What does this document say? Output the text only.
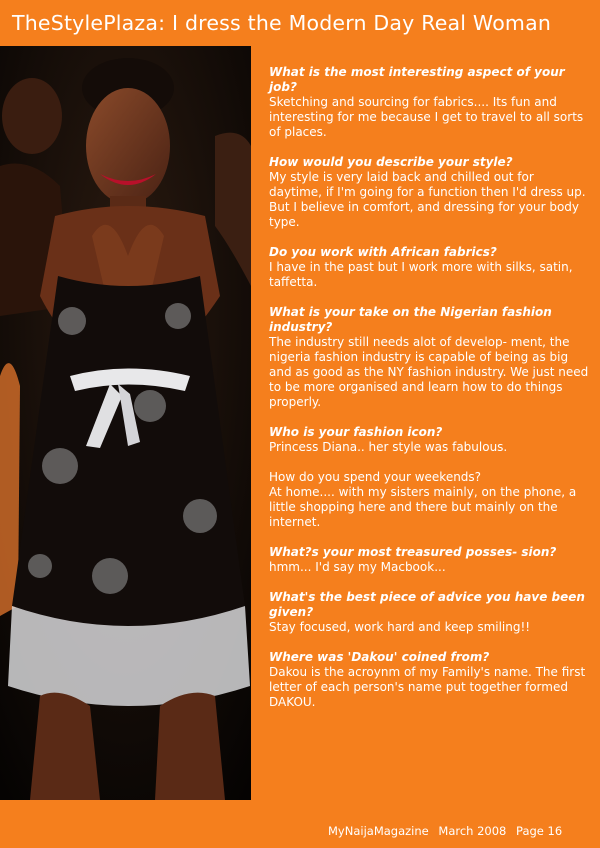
TheStylePlaza: I dress the Modern Day Real Woman
What is the most interesting aspect of your job?
Sketching and sourcing for fabrics.... Its fun and interesting for me because I get to travel to all sorts of places.
How would you describe your style?
My style is very laid back and chilled out for daytime, if I'm going for a function then I'd dress up. But I believe in comfort, and dressing for your body type.
Do you work with African fabrics?
I have in the past but I work more with silks, satin, taffetta.
What is your take on the Nigerian fashion industry?
The industry still needs alot of develop- ment, the nigeria fashion industry is capable of being as big and as good as the NY fashion industry. We just need to be more organised and learn how to do things properly.
Who is your fashion icon?
Princess Diana.. her style was fabulous.
How do you spend your weekends?
At home.... with my sisters mainly, on the phone, a little shopping here and there but mainly on the internet.
What?s your most treasured posses- sion?
hmm... I'd say my Macbook...
What's the best piece of advice you have been given?
Stay focused, work hard and keep smiling!!
Where was 'Dakou' coined from?
Dakou is the acroynm of my Family's name. The first letter of each person's name put together formed DAKOU.
MyNaijaMagazine March 2008 Page 16
